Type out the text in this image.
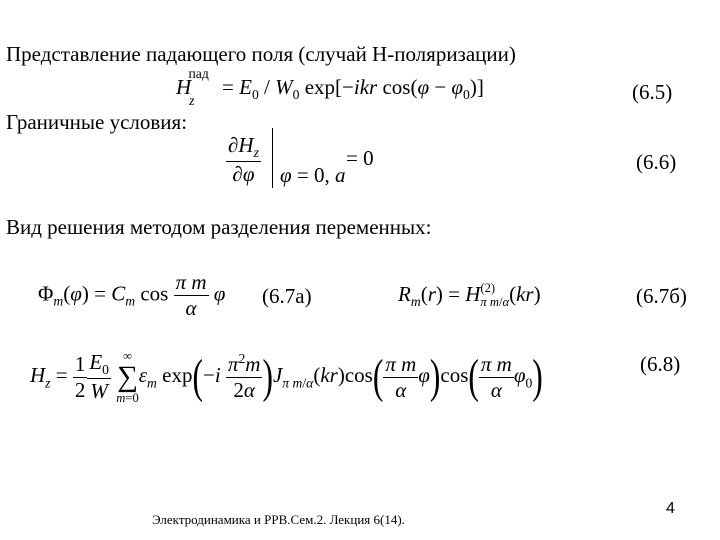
Представление падающего поля (случай H-поляризации)
$H_z^{пад} = E_0 / W_0$ exp[−ikr $\cos(\varphi - \varphi_0)$]	(6.5)
Граничные условия:
$\frac{\partial H_z}{\partial\varphi}$ φ = 0, a
= 0	(6.6)
Вид решения методом разделения переменных:
$\Phi_m(\varphi) = C_m$ $\cos \frac{\text{π m}}{\alpha}$ φ (6.7а)	$R_m(r) = H$ (2)
π m/α (kr)	(6.7б)
(6.8)
$H_z = \frac{1}{2} \frac{E_0}{W}$
∞
∑
m=0
$\varepsilon_m$ $\exp(-i \frac{\pi^2m}{2\alpha} )J_{\pi m/\alpha}(kr)\cos( \frac{\text{π m}}{\alpha} \varphi)\cos( \frac{\text{π m}}{\alpha} \varphi_0)$
Электродинамика и РРВ.Сем.2. Лекция 6(14).
4
